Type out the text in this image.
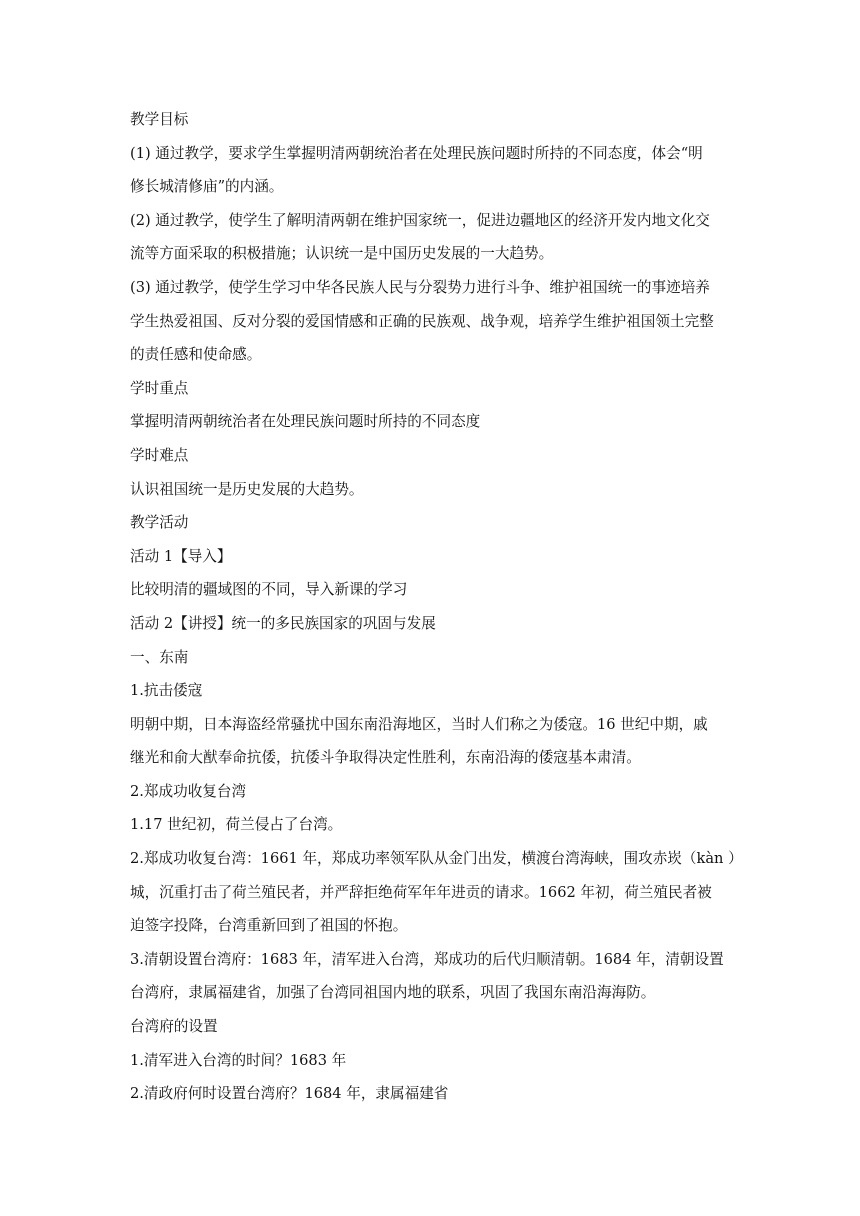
教学目标

(1) 通过教学，要求学生掌握明清两朝统治者在处理民族问题时所持的不同态度，体会“明

修长城清修庙”的内涵。

(2) 通过教学，使学生了解明清两朝在维护国家统一，促进边疆地区的经济开发内地文化交

流等方面采取的积极措施；认识统一是中国历史发展的一大趋势。

(3) 通过教学，使学生学习中华各民族人民与分裂势力进行斗争、维护祖国统一的事迹培养

学生热爱祖国、反对分裂的爱国情感和正确的民族观、战争观，培养学生维护祖国领土完整

的责任感和使命感。

学时重点

掌握明清两朝统治者在处理民族问题时所持的不同态度

学时难点

认识祖国统一是历史发展的大趋势。

教学活动

活动 1【导入】

比较明清的疆域图的不同，导入新课的学习

活动 2【讲授】统一的多民族国家的巩固与发展

一、东南

1.抗击倭寇

明朝中期，日本海盗经常骚扰中国东南沿海地区，当时人们称之为倭寇。16 世纪中期，戚

继光和俞大猷奉命抗倭，抗倭斗争取得决定性胜利，东南沿海的倭寇基本肃清。

2.郑成功收复台湾

1.17 世纪初，荷兰侵占了台湾。

2.郑成功收复台湾：1661 年，郑成功率领军队从金门出发，横渡台湾海峡，围攻赤崁（kàn ）

城，沉重打击了荷兰殖民者，并严辞拒绝荷军年年进贡的请求。1662 年初，荷兰殖民者被

迫签字投降，台湾重新回到了祖国的怀抱。

3.清朝设置台湾府：1683 年，清军进入台湾，郑成功的后代归顺清朝。1684 年，清朝设置

台湾府，隶属福建省，加强了台湾同祖国内地的联系，巩固了我国东南沿海海防。

台湾府的设置

1.清军进入台湾的时间？1683 年

2.清政府何时设置台湾府？1684 年，隶属福建省
